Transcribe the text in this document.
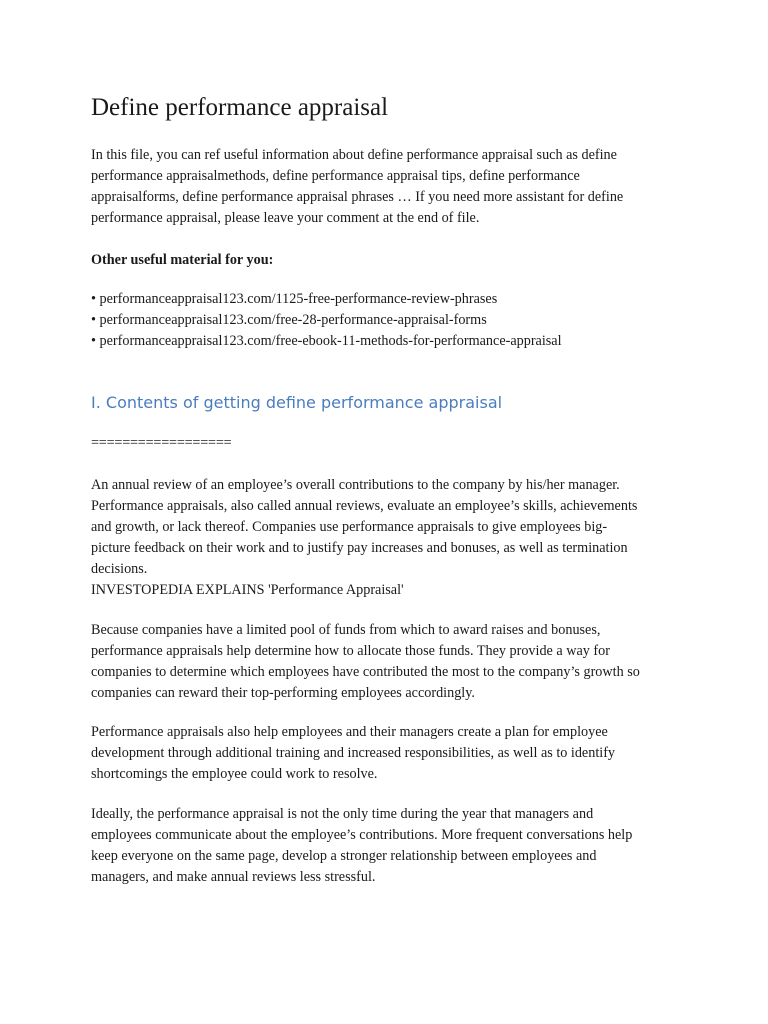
Define performance appraisal
In this file, you can ref useful information about define performance appraisal such as define
performance appraisalmethods, define performance appraisal tips, define performance
appraisalforms, define performance appraisal phrases … If you need more assistant for define
performance appraisal, please leave your comment at the end of file.
Other useful material for you:
• performanceappraisal123.com/1125-free-performance-review-phrases
• performanceappraisal123.com/free-28-performance-appraisal-forms
• performanceappraisal123.com/free-ebook-11-methods-for-performance-appraisal
I. Contents of getting define performance appraisal
==================
An annual review of an employee’s overall contributions to the company by his/her manager.
Performance appraisals, also called annual reviews, evaluate an employee’s skills, achievements
and growth, or lack thereof. Companies use performance appraisals to give employees big-
picture feedback on their work and to justify pay increases and bonuses, as well as termination
decisions.
INVESTOPEDIA EXPLAINS 'Performance Appraisal'
Because companies have a limited pool of funds from which to award raises and bonuses,
performance appraisals help determine how to allocate those funds. They provide a way for
companies to determine which employees have contributed the most to the company’s growth so
companies can reward their top-performing employees accordingly.
Performance appraisals also help employees and their managers create a plan for employee
development through additional training and increased responsibilities, as well as to identify
shortcomings the employee could work to resolve.
Ideally, the performance appraisal is not the only time during the year that managers and
employees communicate about the employee’s contributions. More frequent conversations help
keep everyone on the same page, develop a stronger relationship between employees and
managers, and make annual reviews less stressful.
